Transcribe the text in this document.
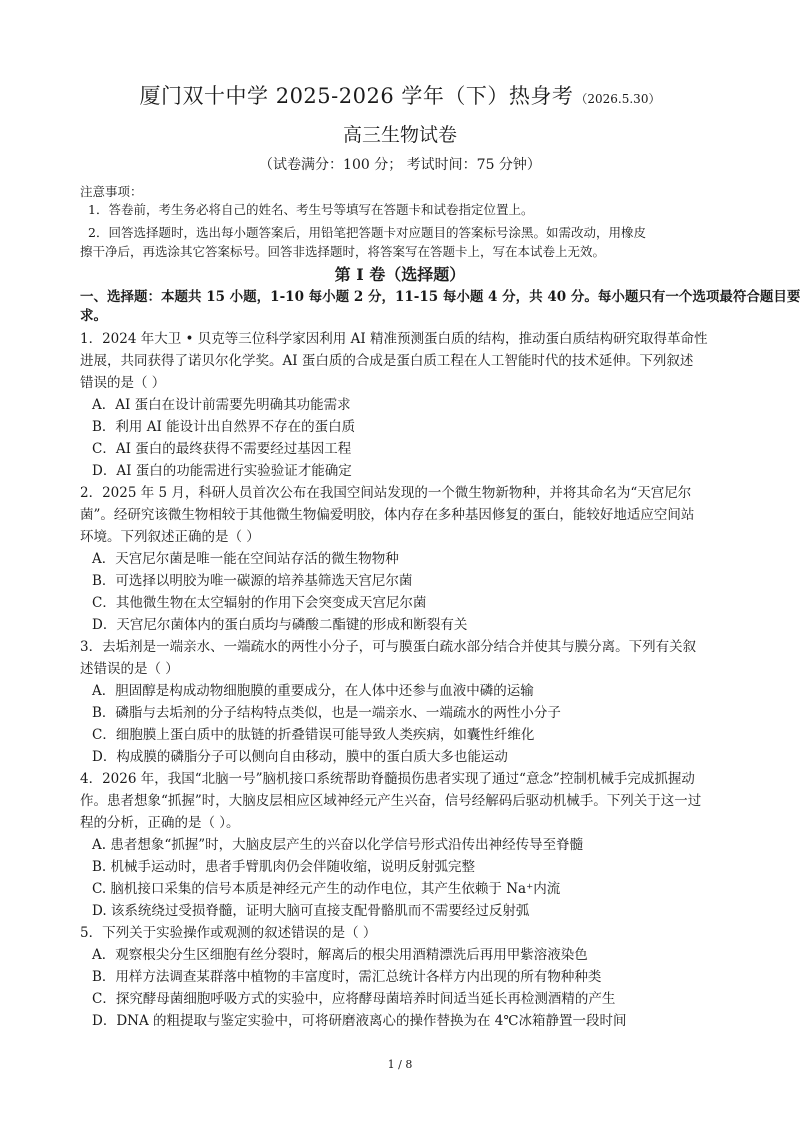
厦门双十中学 2025-2026 学年（下）热身考 （2026.5.30）
高三生物试卷
（试卷满分：100 分； 考试时间：75 分钟）
注意事项：
1．答卷前，考生务必将自己的姓名、考生号等填写在答题卡和试卷指定位置上。
2．回答选择题时，选出每小题答案后，用铅笔把答题卡对应题目的答案标号涂黑。如需改动，用橡皮
擦干净后，再选涂其它答案标号。回答非选择题时，将答案写在答题卡上，写在本试卷上无效。
第 I 卷（选择题）
一、选择题：本题共 15 小题，1-10 每小题 2 分，11-15 每小题 4 分，共 40 分。每小题只有一个选项最符合题目要
求。
1．2024 年大卫 • 贝克等三位科学家因利用 AI 精准预测蛋白质的结构，推动蛋白质结构研究取得革命性
进展，共同获得了诺贝尔化学奖。AI 蛋白质的合成是蛋白质工程在人工智能时代的技术延伸。下列叙述
错误的是（ ）
A．AI 蛋白在设计前需要先明确其功能需求
B．利用 AI 能设计出自然界不存在的蛋白质
C．AI 蛋白的最终获得不需要经过基因工程
D．AI 蛋白的功能需进行实验验证才能确定
2．2025 年 5 月，科研人员首次公布在我国空间站发现的一个微生物新物种，并将其命名为“天宫尼尔
菌”。经研究该微生物相较于其他微生物偏爱明胶，体内存在多种基因修复的蛋白，能较好地适应空间站
环境。下列叙述正确的是（ ）
A．天宫尼尔菌是唯一能在空间站存活的微生物物种
B．可选择以明胶为唯一碳源的培养基筛选天宫尼尔菌
C．其他微生物在太空辐射的作用下会突变成天宫尼尔菌
D．天宫尼尔菌体内的蛋白质均与磷酸二酯键的形成和断裂有关
3．去垢剂是一端亲水、一端疏水的两性小分子，可与膜蛋白疏水部分结合并使其与膜分离。下列有关叙
述错误的是（ ）
A．胆固醇是构成动物细胞膜的重要成分，在人体中还参与血液中磷的运输
B．磷脂与去垢剂的分子结构特点类似，也是一端亲水、一端疏水的两性小分子
C．细胞膜上蛋白质中的肽链的折叠错误可能导致人类疾病，如囊性纤维化
D．构成膜的磷脂分子可以侧向自由移动，膜中的蛋白质大多也能运动
4．2026 年，我国“北脑一号”脑机接口系统帮助脊髓损伤患者实现了通过“意念”控制机械手完成抓握动
作。患者想象“抓握”时，大脑皮层相应区域神经元产生兴奋，信号经解码后驱动机械手。下列关于这一过
程的分析，正确的是（ ）。
A. 患者想象“抓握”时，大脑皮层产生的兴奋以化学信号形式沿传出神经传导至脊髓
B. 机械手运动时，患者手臂肌肉仍会伴随收缩，说明反射弧完整
C. 脑机接口采集的信号本质是神经元产生的动作电位，其产生依赖于 Na⁺内流
D. 该系统绕过受损脊髓，证明大脑可直接支配骨骼肌而不需要经过反射弧
5．下列关于实验操作或观测的叙述错误的是（ ）
A．观察根尖分生区细胞有丝分裂时，解离后的根尖用酒精漂洗后再用甲紫溶液染色
B．用样方法调查某群落中植物的丰富度时，需汇总统计各样方内出现的所有物种种类
C．探究酵母菌细胞呼吸方式的实验中，应将酵母菌培养时间适当延长再检测酒精的产生
D．DNA 的粗提取与鉴定实验中，可将研磨液离心的操作替换为在 4℃冰箱静置一段时间
1 / 8
